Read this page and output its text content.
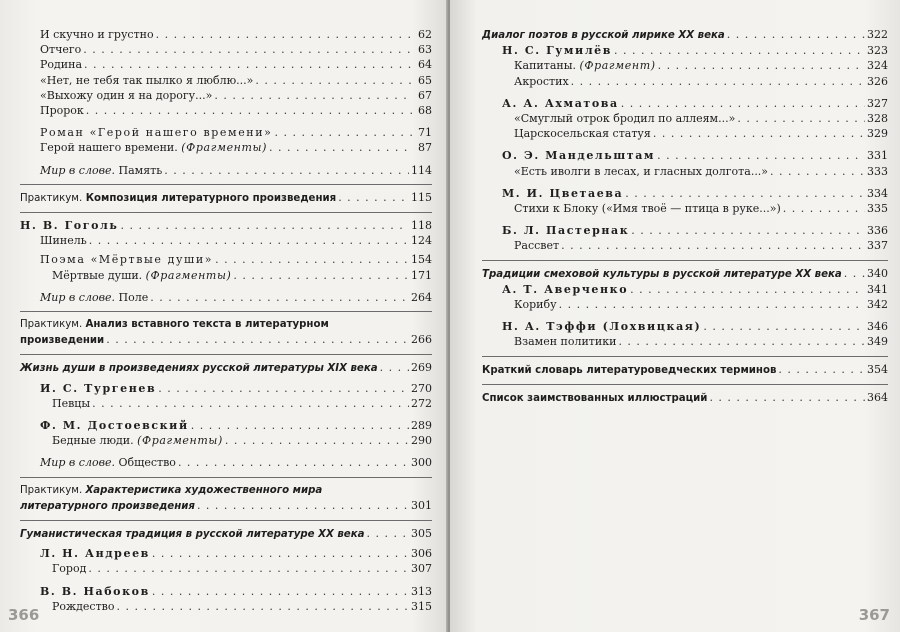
И скучно и грустно . . .	62
Отчего . . .	63
Родина . . .	64
«Нет, не тебя так пылко я люблю...» . . .	65
«Выхожу один я на дорогу...» . . .	67
Пророк . . .	68
Роман «Герой нашего времени» . . .	71
Герой нашего времени. (Фрагменты) . . .	87
Мир в слове. Память . . .	114
Практикум. Композиция литературного произведения . . .	115
Н. В. Гоголь . . .	118
Шинель . . .	124
Поэма «Мёртвые души» . . .	154
Мёртвые души. (Фрагменты) . . .	171
Мир в слове. Поле . . .	264
Практикум. Анализ вставного текста в литературном
произведении . . .	266
Жизнь души в произведениях русской литературы XIX века . . .	269
И. С. Тургенев . . .	270
Певцы . . .	272
Ф. М. Достоевский . . .	289
Бедные люди. (Фрагменты) . . .	290
Мир в слове. Общество . . .	300
Практикум. Характеристика художественного мира
литературного произведения . . .	301
Гуманистическая традиция в русской литературе XX века . . .	305
Л. Н. Андреев . . .	306
Город . . .	307
В. В. Набоков . . .	313
Рождество . . .	315
366
Диалог поэтов в русской лирике XX века . . .	322
Н. С. Гумилёв . . .	323
Капитаны. (Фрагмент) . . .	324
Акростих . . .	326
А. А. Ахматова . . .	327
«Смуглый отрок бродил по аллеям...» . . .	328
Царскосельская статуя . . .	329
О. Э. Мандельштам . . .	331
«Есть иволги в лесах, и гласных долгота...» . . .	333
М. И. Цветаева . . .	334
Стихи к Блоку («Имя твоё — птица в руке...») . . .	335
Б. Л. Пастернак . . .	336
Рассвет . . .	337
Традиции смеховой культуры в русской литературе XX века . . . 340
А. Т. Аверченко . . .	341
Корибу . . .	342
Н. А. Тэффи (Лохвицкая) . . .	346
Взамен политики . . .	349
Краткий словарь литературоведческих терминов . . .	354
Список заимствованных иллюстраций . . .	364
367
